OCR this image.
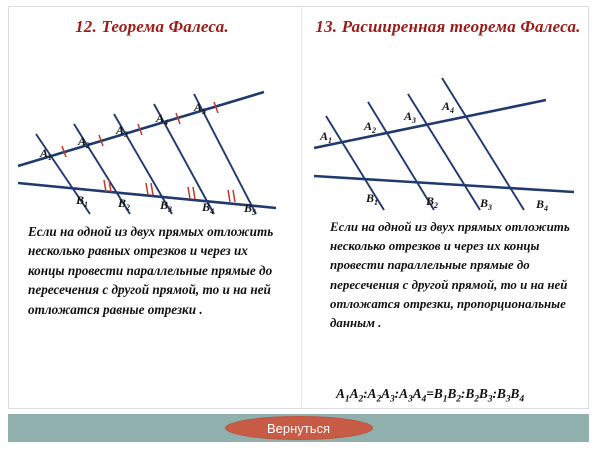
12. Теорема Фалеса.
$A_1$
$A_2$
$A_3$
$A_4$
$A_5$
$B_1$ $B_2$ $B_3$ $B_4$ $B_5$
Если на одной из двух прямых отложить несколько равных отрезков и через их концы провести параллельные прямые до пересечения с другой прямой, то и на ней отложатся равные отрезки .
13. Расширенная теорема Фалеса.
$A_1$
$A_2$
$A_3$
$A_4$
$B_1$	$B_2$	$B_3$	$B_4$
Если на одной из двух прямых отложить несколько отрезков и через их концы провести параллельные прямые до пересечения с другой прямой, то и на ней отложатся отрезки, пропорциональные данным .
$A_1A_2:A_2A_3:A_3A_4=B_1B_2:B_2B_3:B_3B_4$
Вернуться
